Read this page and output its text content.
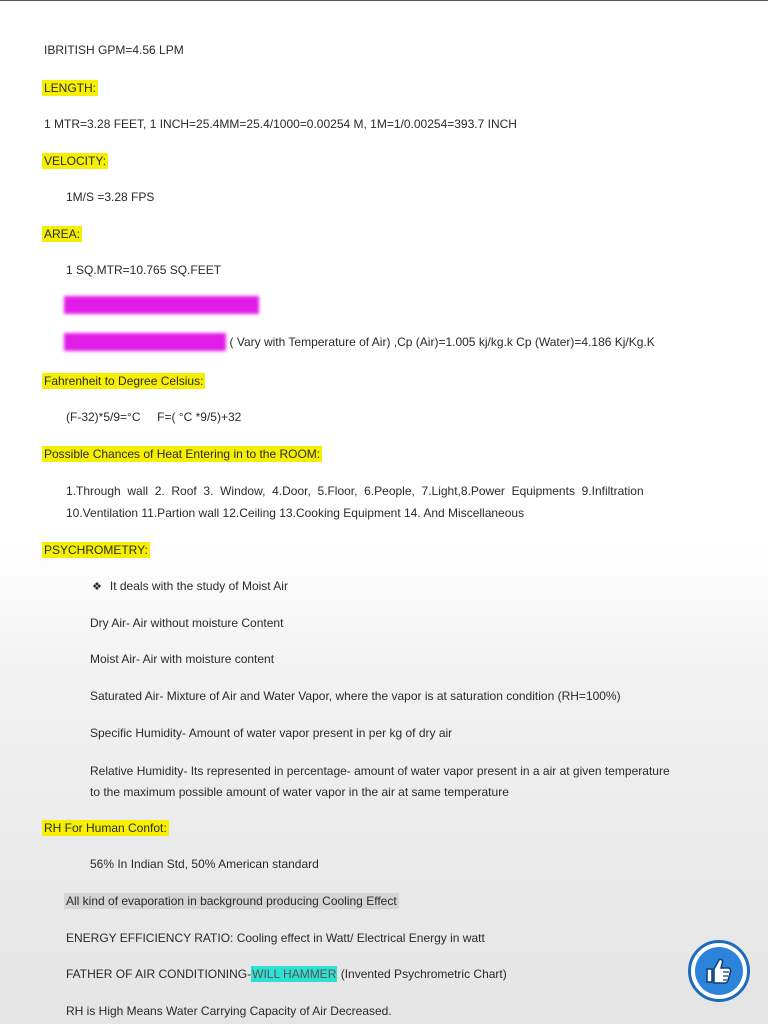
IBRITISH GPM=4.56 LPM
LENGTH:
1 MTR=3.28 FEET, 1 INCH=25.4MM=25.4/1000=0.00254 M, 1M=1/0.00254=393.7 INCH
VELOCITY:
1M/S =3.28 FPS
AREA:
1 SQ.MTR=10.765 SQ.FEET
DENSITY OF WATER=1000 KG/M³
DENSITY OF AIR=1.2 KG/M³ ( Vary with Temperature of Air) ,Cp (Air)=1.005 kj/kg.k Cp (Water)=4.186 Kj/Kg.K
Fahrenheit to Degree Celsius:
(F-32)*5/9=°C     F=( °C *9/5)+32
Possible Chances of Heat Entering in to the ROOM:
1.Through  wall  2.  Roof  3.  Window,  4.Door,  5.Floor,  6.People,  7.Light,8.Power  Equipments  9.Infiltration
10.Ventilation 11.Partion wall 12.Ceiling 13.Cooking Equipment 14. And Miscellaneous
PSYCHROMETRY:
❖ It deals with the study of Moist Air
Dry Air- Air without moisture Content
Moist Air- Air with moisture content
Saturated Air- Mixture of Air and Water Vapor, where the vapor is at saturation condition (RH=100%)
Specific Humidity- Amount of water vapor present in per kg of dry air
Relative Humidity- Its represented in percentage- amount of water vapor present in a air at given temperature
to the maximum possible amount of water vapor in the air at same temperature
RH For Human Confot:
56% In Indian Std, 50% American standard
All kind of evaporation in background producing Cooling Effect
ENERGY EFFICIENCY RATIO: Cooling effect in Watt/ Electrical Energy in watt
FATHER OF AIR CONDITIONING-WILL HAMMER (Invented Psychrometric Chart)
RH is High Means Water Carrying Capacity of Air Decreased.
